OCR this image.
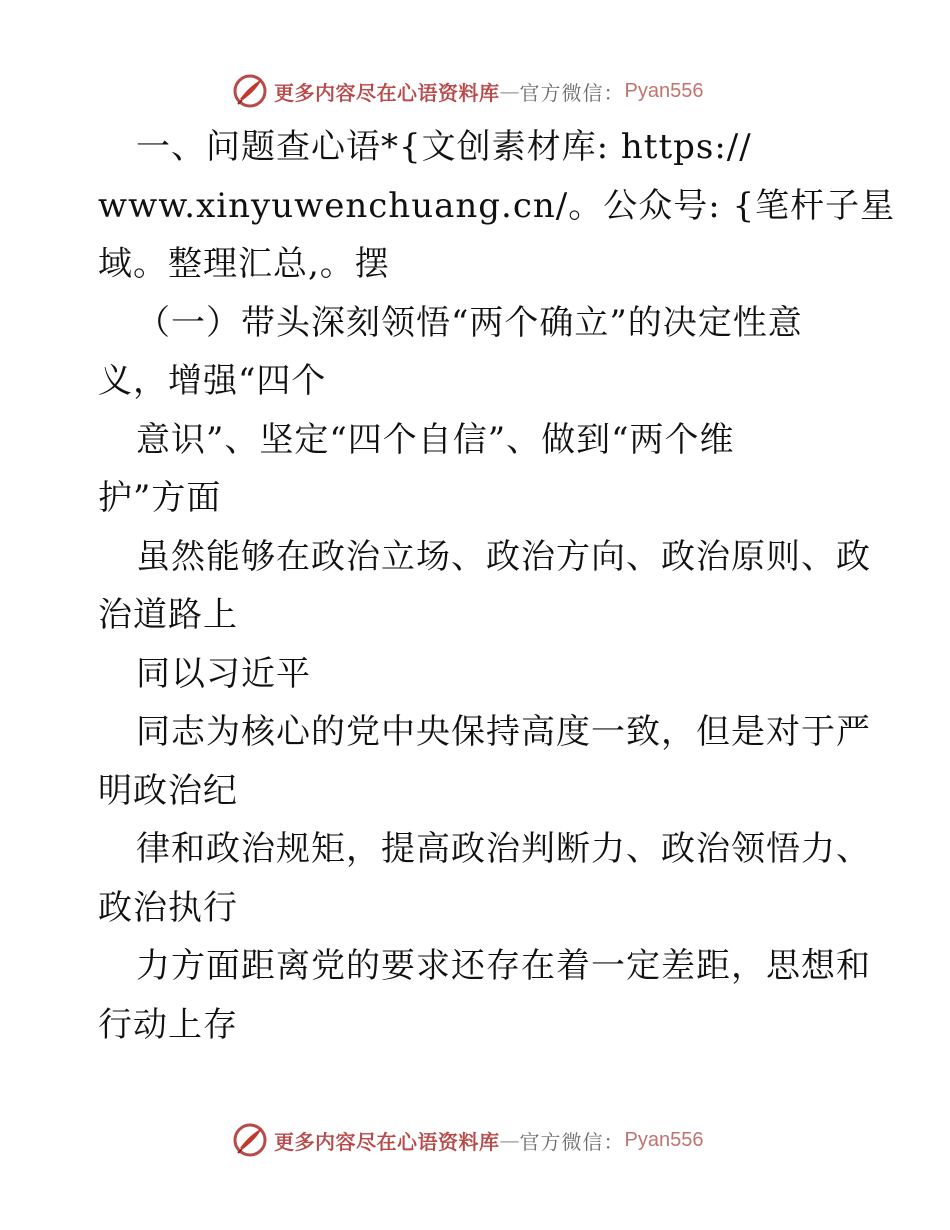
更多内容尽在心语资料库 — 官方微信： Pyan556
一、问题查心语*{文创素材库: https://
www.xinyuwenchuang.cn/。公众号: {笔杆子星
域。整理汇总,。摆
（一）带头深刻领悟“两个确立”的决定性意
义，增强“四个
意识”、坚定“四个自信”、做到“两个维
护”方面
虽然能够在政治立场、政治方向、政治原则、政
治道路上
同以习近平
同志为核心的党中央保持高度一致，但是对于严
明政治纪
律和政治规矩，提高政治判断力、政治领悟力、
政治执行
力方面距离党的要求还存在着一定差距，思想和
行动上存
更多内容尽在心语资料库 — 官方微信： Pyan556
